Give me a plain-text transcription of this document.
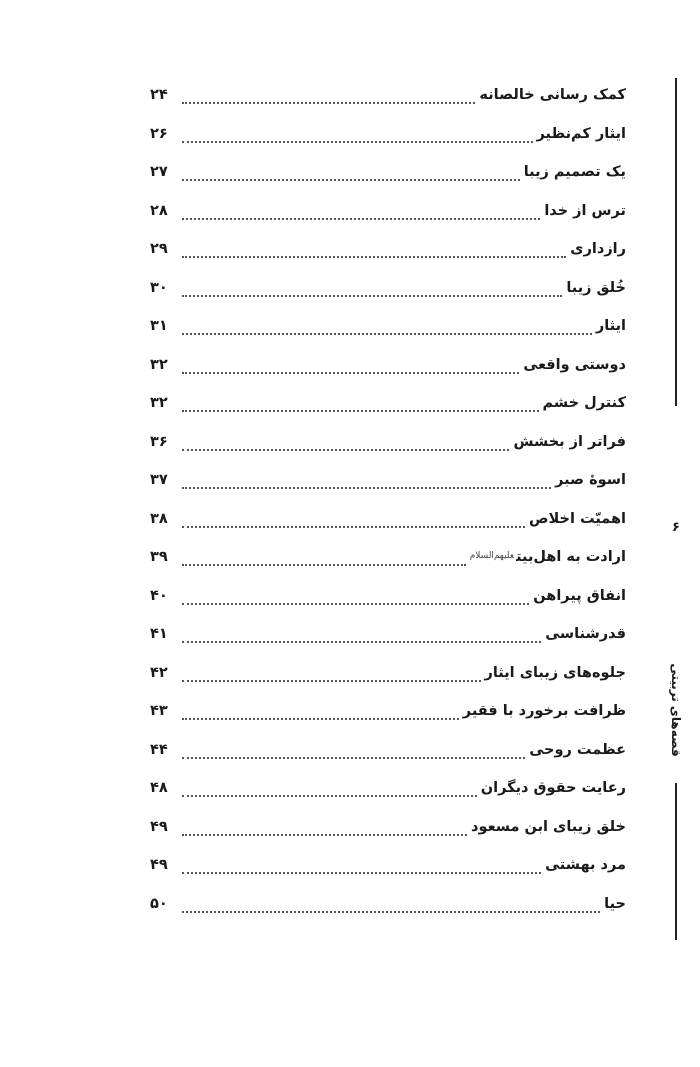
کمک رسانی خالصانه
۲۴
ایثار کم‌نظیر
۲۶
یک تصمیم زیبا
۲۷
ترس از خدا
۲۸
رازداری
۲۹
خُلق زیبا
۳۰
ایثار
۳۱
دوستی واقعی
۳۲
کنترل خشم
۳۲
فراتر از بخشش
۳۶
اسوۀ صبر
۳۷
اهمیّت اخلاص
۳۸
ارادت به اهل‌بیت$^{علیهم‌السلام}$
۳۹
انفاق پیراهن
۴۰
قدرشناسی
۴۱
جلوه‌های زیبای ایثار
۴۲
ظرافت برخورد با فقیر
۴۳
عظمت روحی
۴۴
رعایت حقوق دیگران
۴۸
خلق زیبای ابن مسعود
۴۹
مرد بهشتی
۴۹
حیا
۵۰
۶
قصه‌های تربیتی
